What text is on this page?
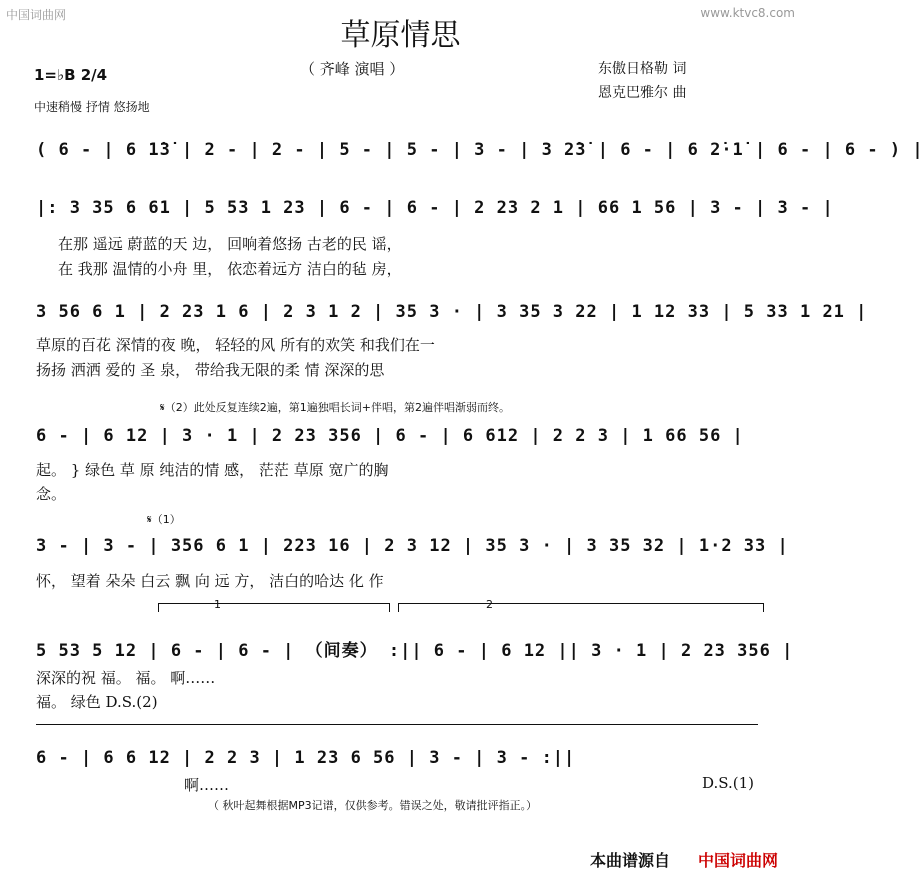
中国词曲网	www.ktvc8.com
草原情思
（ 齐峰 演唱 ）	东傲日格勒 词
恩克巴雅尔 曲
1=♭B 2/4
中速稍慢 抒情 悠扬地
( 6 - | 6 1̇3̇ | 2 - | 2 - | 5 - | 5 - | 3 - | 3 2̇3̇ | 6 - | 6 2̇·1̇ | 6 - | 6 - ) |
|: 3 35 6 61 | 5 53 1 23 | 6 - | 6 - | 2 23 2 1 | 66 1 56 | 3 - | 3 - |
在那 遥远 蔚蓝的天 边， 回响着悠扬 古老的民 谣，
在 我那 温情的小舟 里， 依恋着远方 洁白的毡 房，
3 56 6 1 | 2 23 1 6 | 2 3 1 2 | 35 3 · | 3 35 3 22 | 1 12 33 | 5 33 1 21 |
草原的百花 深情的夜 晚， 轻轻的风 所有的欢笑 和我们在一
扬扬 洒洒 爱的 圣 泉， 带给我无限的柔 情 深深的思
𝄋（2）此处反复连续2遍，第1遍独唱长词+伴唱，第2遍伴唱渐弱而终。
6 - | 6 12 | 3 · 1 | 2 23 356 | 6 - | 6 612 | 2 2 3 | 1 66 56 |
起。 } 绿色 草 原 纯洁的情 感， 茫茫 草原 宽广的胸
念。
𝄋（1）
3 - | 3 - | 356 6 1 | 223 16 | 2 3 12 | 35 3 · | 3 35 32 | 1·2 33 |
怀， 望着 朵朵 白云 飘 向 远 方， 洁白的哈达 化 作
1	2
5 53 5 12 | 6 - | 6 - | （间奏） :|| 6 - | 6 12 || 3 · 1 | 2 23 356 |
深深的祝 福。 福。 啊……
福。 绿色 D.S.(2)
6 - | 6 6 12 | 2 2 3 | 1 23 6 56 | 3 - | 3 - :||
啊……	D.S.(1)
（ 秋叶起舞根据MP3记谱，仅供参考。错误之处，敬请批评指正。）
本曲谱源自 中国词曲网
